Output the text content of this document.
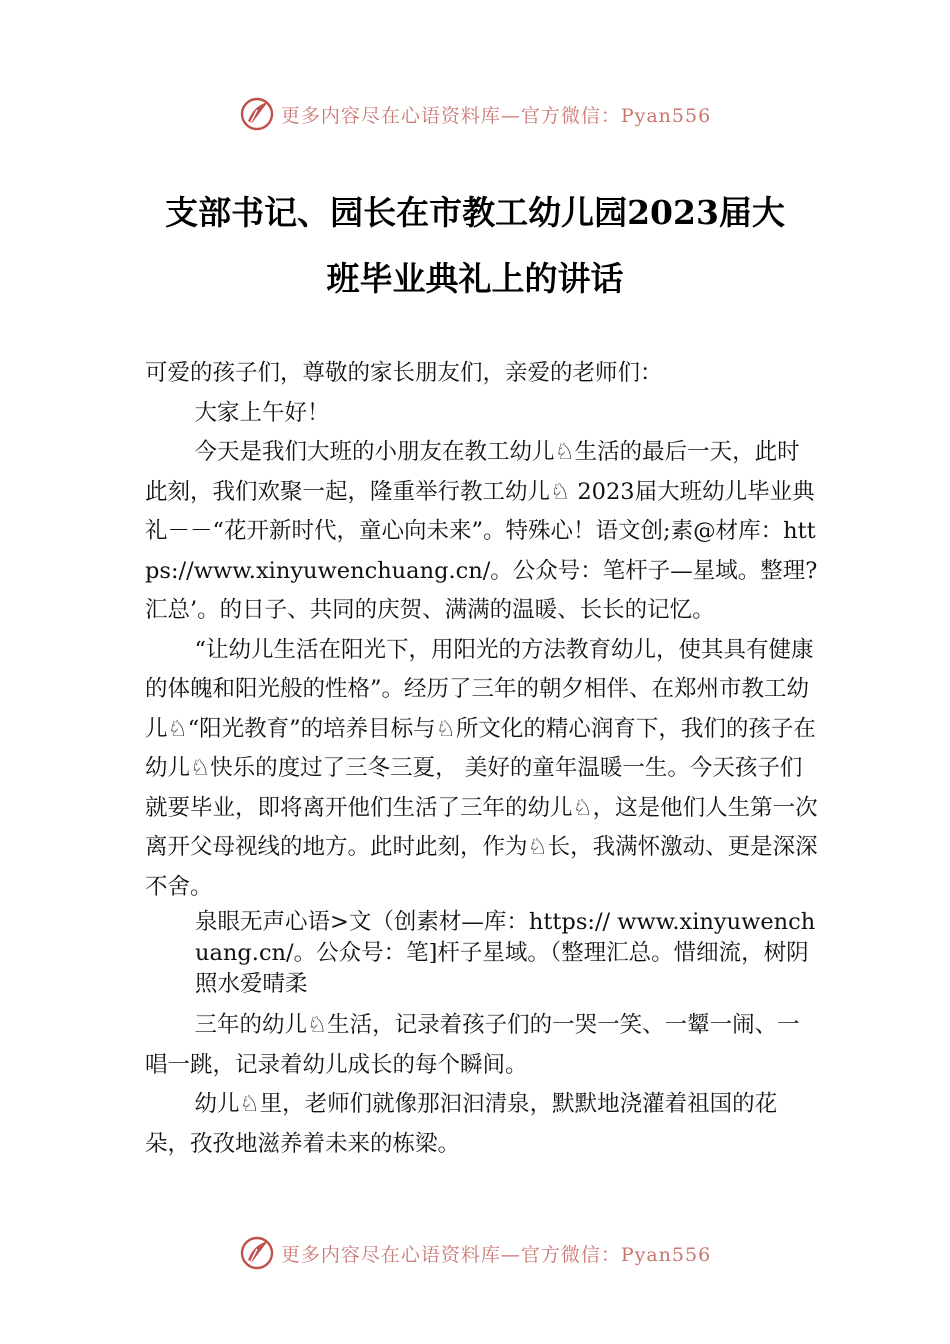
更多内容尽在心语资料库—官方微信：Pyan556
支部书记、园长在市教工幼儿园2023届大
班毕业典礼上的讲话

可爱的孩子们，尊敬的家长朋友们，亲爱的老师们：

大家上午好！

今天是我们大班的小朋友在教工幼儿♘生活的最后一天，此时此刻，我们欢聚一起，隆重举行教工幼儿♘ 2023届大班幼儿毕业典礼－－“花开新时代，童心向未来”。特殊心！语文创;素@材库：https://www.xinyuwenchuang.cn/。公众号：笔杆子—星域。整理?汇总’。的日子、共同的庆贺、满满的温暖、长长的记忆。

“让幼儿生活在阳光下，用阳光的方法教育幼儿，使其具有健康的体魄和阳光般的性格”。经历了三年的朝夕相伴、在郑州市教工幼儿♘“阳光教育”的培养目标与♘所文化的精心润育下，我们的孩子在幼儿♘快乐的度过了三冬三夏， 美好的童年温暖一生。今天孩子们就要毕业，即将离开他们生活了三年的幼儿♘，这是他们人生第一次离开父母视线的地方。此时此刻，作为♘长，我满怀激动、更是深深不舍。

泉眼无声心语>文（创素材—库：https:// www.xinyuwenchuang.cn/。公众号：笔]杆子星域。（整理汇总。惜细流，树阴照水爱晴柔

三年的幼儿♘生活，记录着孩子们的一哭一笑、一颦一闹、一唱一跳，记录着幼儿成长的每个瞬间。

幼儿♘里，老师们就像那汩汩清泉，默默地浇灌着祖国的花朵，孜孜地滋养着未来的栋梁。

更多内容尽在心语资料库—官方微信：Pyan556
